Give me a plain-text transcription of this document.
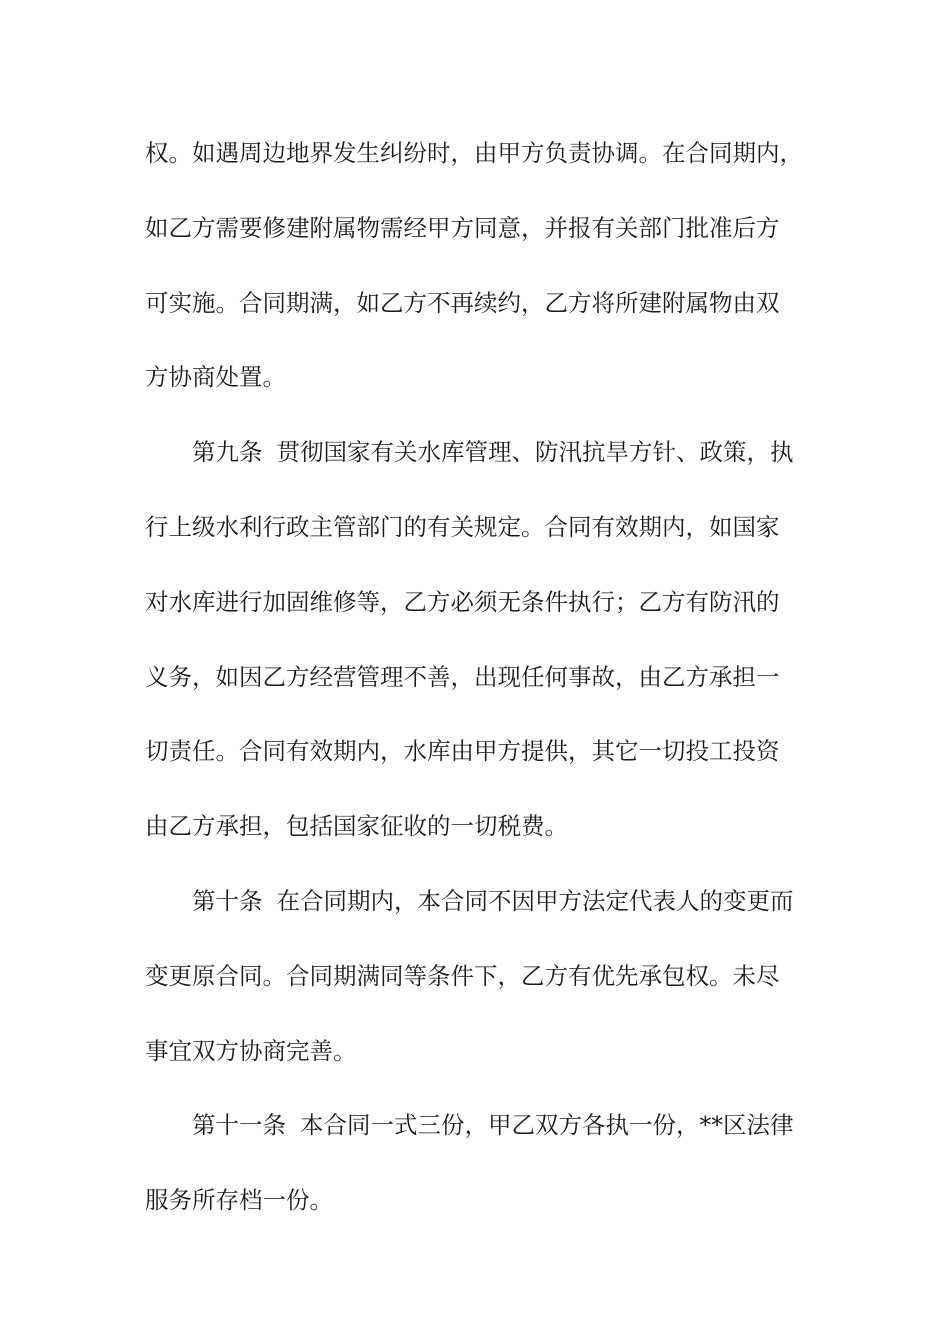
权。如遇周边地界发生纠纷时，由甲方负责协调。在合同期内，
如乙方需要修建附属物需经甲方同意，并报有关部门批准后方
可实施。合同期满，如乙方不再续约，乙方将所建附属物由双
方协商处置。
第九条 贯彻国家有关水库管理、防汛抗旱方针、政策，执
行上级水利行政主管部门的有关规定。合同有效期内，如国家
对水库进行加固维修等，乙方必须无条件执行；乙方有防汛的
义务，如因乙方经营管理不善，出现任何事故，由乙方承担一
切责任。合同有效期内，水库由甲方提供，其它一切投工投资
由乙方承担，包括国家征收的一切税费。
第十条 在合同期内，本合同不因甲方法定代表人的变更而
变更原合同。合同期满同等条件下，乙方有优先承包权。未尽
事宜双方协商完善。
第十一条 本合同一式三份，甲乙双方各执一份，**区法律
服务所存档一份。
